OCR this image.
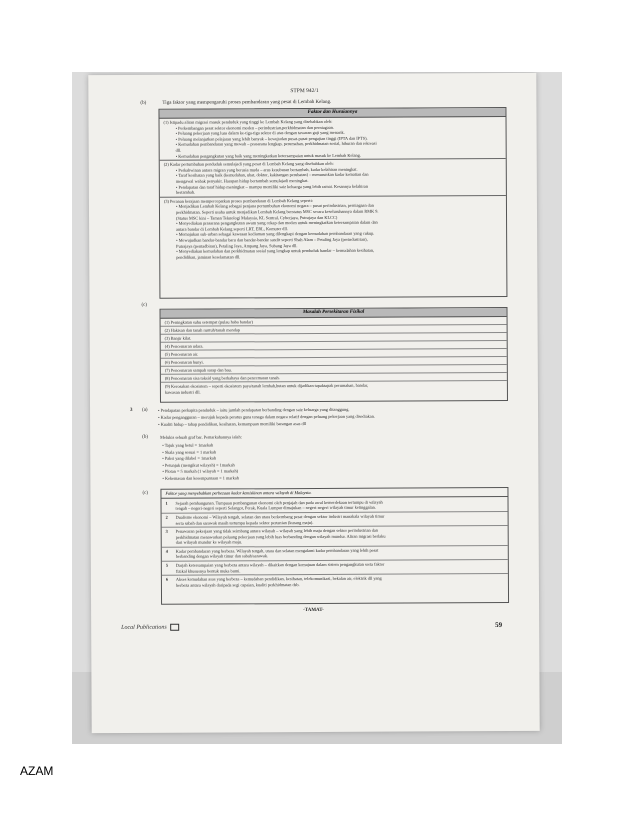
STPM 942/1
(b)	Tiga faktor yang mempengaruhi proses pembandaran yang pesat di Lembah Kelang.
Faktor dan Huraiannya
(1) Istipadu aliran migrasi masuk penduduk yang tinggi ke Lembah Kelang yang disebabkan oleh:
• Perkembangan pesat sektor ekonomi moden – perindustrian,perkhidmatan dan perniagaan.
• Peluang pekerjaan yang luas dalam ke-tiga-tiga sektor di atas dengan tawaran gaji yang menarik.
• Peluang melanjutkan pelajaran yang lebih banyak – kewujudan pusat-pusat pengajian tinggi (IPTA dan IPTS).
• Kemudahan pembandaran yang mewah – prasarana lengkap, perumahan, perkhidmatan sosial, hiburan dan rekreasi
dll.
• Kemudahan pengangkutan yang baik yang meningkatkan ketersampaian untuk masuk ke Lembah Kelang.
(2) Kadar pertumbuhan penduduk semulajadi yang pesat di Lembah Kelang yang disebabkan oleh:
• Perkahwinan antara migran yang berusia muda – arus kesuburan bertambah, kadar kelahiran meningkat.
• Taraf kesihatan yang baik (kemudahan, ubat, doktor, kakitangan perubatan) – menurunkan kadar kematian dan
mengawal wabak penyakit. Harapan hidup bertambah semulajadi meningkat.
• Pendapatan dan taraf hidup meningkat – mampu memiliki saiz keluarga yang lebih ramai. Kesannya kelahiran
bertambah.
(3) Peranan kerajaan mempercepatkan proses pembandaran di Lembah Kelang seperti:
• Menjadikan Lembah Kelang sebagai penjana pertumbuhan ekonomi negara – pusat perindustrian, perniagaan dan
perkhidmatan. Seperti usaha untuk menjadikan Lembah Kelang berstatus MSC secara keseluruhannya dalam RMK 9.
(Status MSC kini – Taman Teknologi Malaysia, KL Sentral, Cyberjaya, Putrajaya dan KLCC)
• Menyediakan prasarana pengangkutan awam yang cekap dan moden untuk meningkatkan ketersampaian dalam dan
antara bandar di Lembah Kelang seperti LRT, ERL, Komuter dll.
• Memajukan sub-urban sebagai kawasan kediaman yang dilengkapi dengan kemudahan pembandaran yang cukup.
• Mewujudkan bandar-bandar baru dan bandar-bandar satelit seperti Shah Alam – Petaling Jaya (perindustrian),
Putrajaya (pentadbiran), Petaling Jaya, Ampang Jaya, Subang Jaya dll.
• Menyediakan kemudahan dan perkhidmatan sosial yang lengkap untuk penduduk bandar – kemudahan kesihatan,
pendidikan, jaminan keselamatan dll.
(c)
Masalah Persekitaran Fizikal
(1) Peningkatan suhu setempat (pulau haba bandar)
(2) Hakisan dan tanah runtuh/tanah mendap
(3) Banjir kilat.
(4) Pencemaran udara.
(5) Pencemaran air.
(6) Pencemaran bunyi.
(7) Pencemaran sampah sarap dan bau.
(8) Pencemaran sisa toksid yang berbahaya dan pencemaran tanah.
(9) Kerosakan ekosistem – seperti ekosistem paya/tanah lembah,hutan untuk dijadikan tapaktapak perumahan, bandar,
kawasan industri dll.
3 (a) • Pendapatan perkapita penduduk – iaitu jumlah pendapatan berbanding dengan saiz keluarga yang ditanggung.
• Kadar pengangguran – merujuk kepada peratus guna tenaga dalam negara relatif dengan peluang pekerjaan yang disediakan.
• Kualiti hidup – tahap pendidikan, kesihatan, kemampuan memiliki barangan asas dll
(b)	Melukis sebuah graf bar. Pemarkahannya ialah:
• Tajuk yang betul = 1markah
• Skala yang sesuai = 1 markah
• Paksi yang dilabel = 1markah
• Petunjuk (mengikut wilayah) = 1markah
• Plotan = 5 markah (1 wilayah = 1 markah)
• Kekemasan dan kesempurnaan = 1 markah
(c)	Faktor yang menyebabkan perbezaan kadar kemiskinan antara wilayah di Malaysia.
1 Sejarah pembangunan. Tumpuan pembangunan ekonomi oleh penjajah dan pada awal kemerdekaan tertumpu di wilayah
tengah – negeri-negeri seperti Selangor, Perak, Kuala Lumpur dimajukan – negeri-negeri wilayah timur ketinggalan.
2 Dualisme ekonomi – Wilayah tengah, selatan dan utara berkembang pesat dengan sektor industri manakala wilayah timur
serta sabah dan sarawak masih tertumpu kepada sektor pertanian (kurang maju).
3 Penawaran pekerjaan yang tidak seimbang antara wilayah – wilayah yang lebih maju dengan sektor perindustrian dan
perkhidmatan menawarkan peluang pekerjaan yang lebih luas berbanding dengan wilayah mundur. Aliran migrasi berlaku
dari wilayah mundur ke wilayah maju.
4 Kadar pembandaran yang berbeza. Wilayah tengah, utara dan selatan mengalami kadar pembandaran yang lebih pesat
berbanding dengan wilayah timur dan sabah/sarawak.
5 Darjah ketersampaian yang berbeza antara wilayah – dikaitkan dengan kemajuan dalam sistem pengangkutan serta faktor
fizikal khususnya bentuk muka bumi.
6 Akses kemudahan asas yang berbeza – kemudahan pendidikan, kesihatan, telekomunikasi, bekalan air, elektrik dll yang
berbeza antara wilayah daripada segi capaian, kualiti perkhidmatan dsb.
-TAMAT-
Local Publications	59
AZAM
